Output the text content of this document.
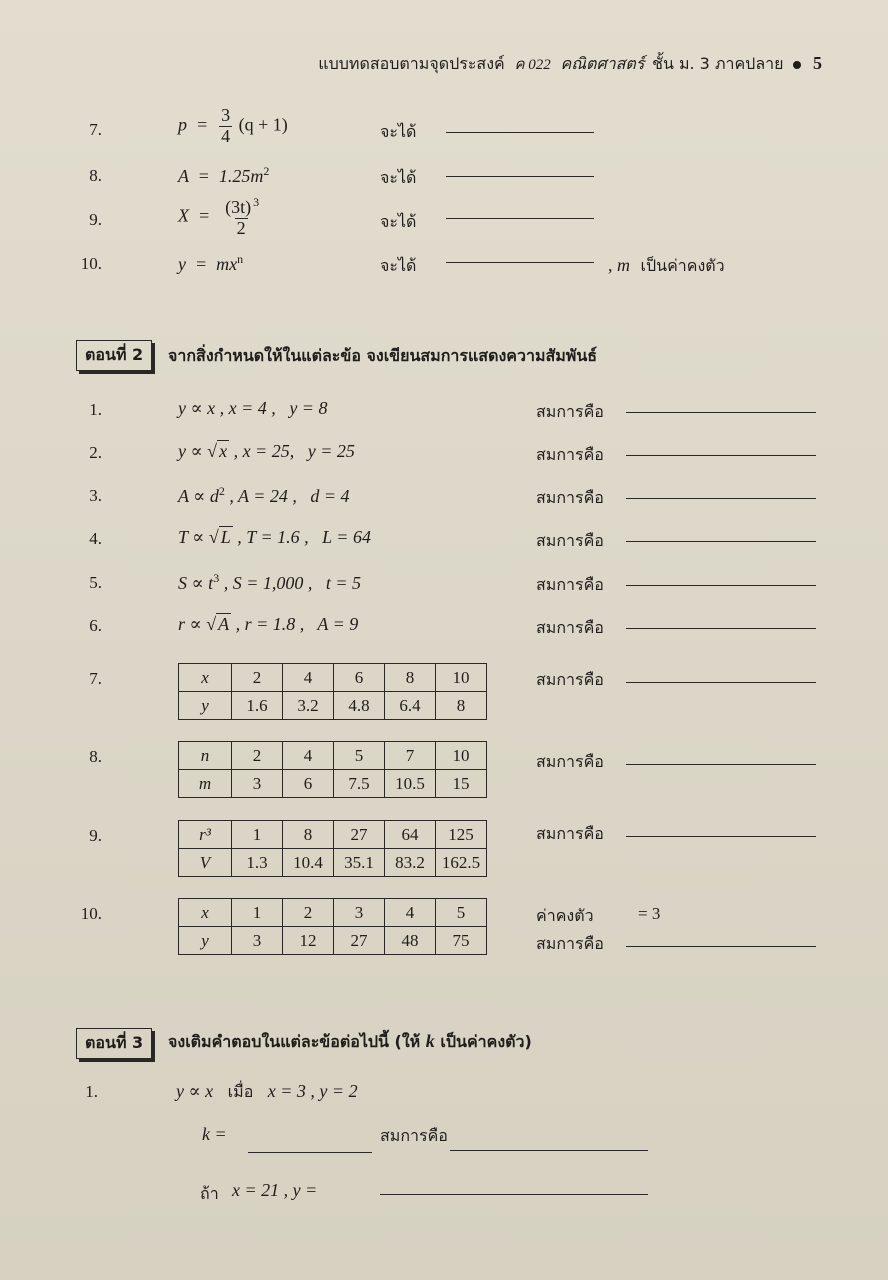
แบบทดสอบตามจุดประสงค์ ค 022 คณิตศาสตร์ ชั้น ม. 3 ภาคปลาย 5
7.	$p = \frac{3}{4} (q + 1)$	จะได้
8.	$A = 1.25m^2$	จะได้
9.	$X = \frac{(3t) ^3}{2}$	จะได้
10.	$y = mx^n$	จะได้	, m เป็นค่าคงตัว
ตอนที่ 2	จากสิ่งกำหนดให้ในแต่ละข้อ จงเขียนสมการแสดงความสัมพันธ์
1.	y ∝ x , x = 4 , y = 8	สมการคือ
2.	y ∝ √ x , x = 25, y = 25	สมการคือ
3.	$A \propto d^2$ , A = 24 , d = 4	สมการคือ
4.	T ∝ √ L , T = 1.6 , L = 64	สมการคือ
5.	$S \propto t^3$ , S = 1,000 , t = 5	สมการคือ
6.	r ∝ √ A , r = 1.8 , A = 9	สมการคือ
7.	x	2	4	6	8	10
y	1.6	3.2	4.8	6.4	8
สมการคือ
8.	n	2	4	5	7	10
m	3	6	7.5	10.5	15
สมการคือ
9.	r³	1	8	27	64	125
V	1.3	10.4	35.1	83.2	162.5
สมการคือ
10.	x	1	2	3	4	5
y	3	12	27	48	75	สมการคือ
ค่าคงตัว	= 3
ตอนที่ 3	จงเติมคำตอบในแต่ละข้อต่อไปนี้ (ให้ k เป็นค่าคงตัว)
1.	y ∝ x เมื่อ x = 3 , y = 2
k =	สมการคือ
ถ้า x = 21 , y =
